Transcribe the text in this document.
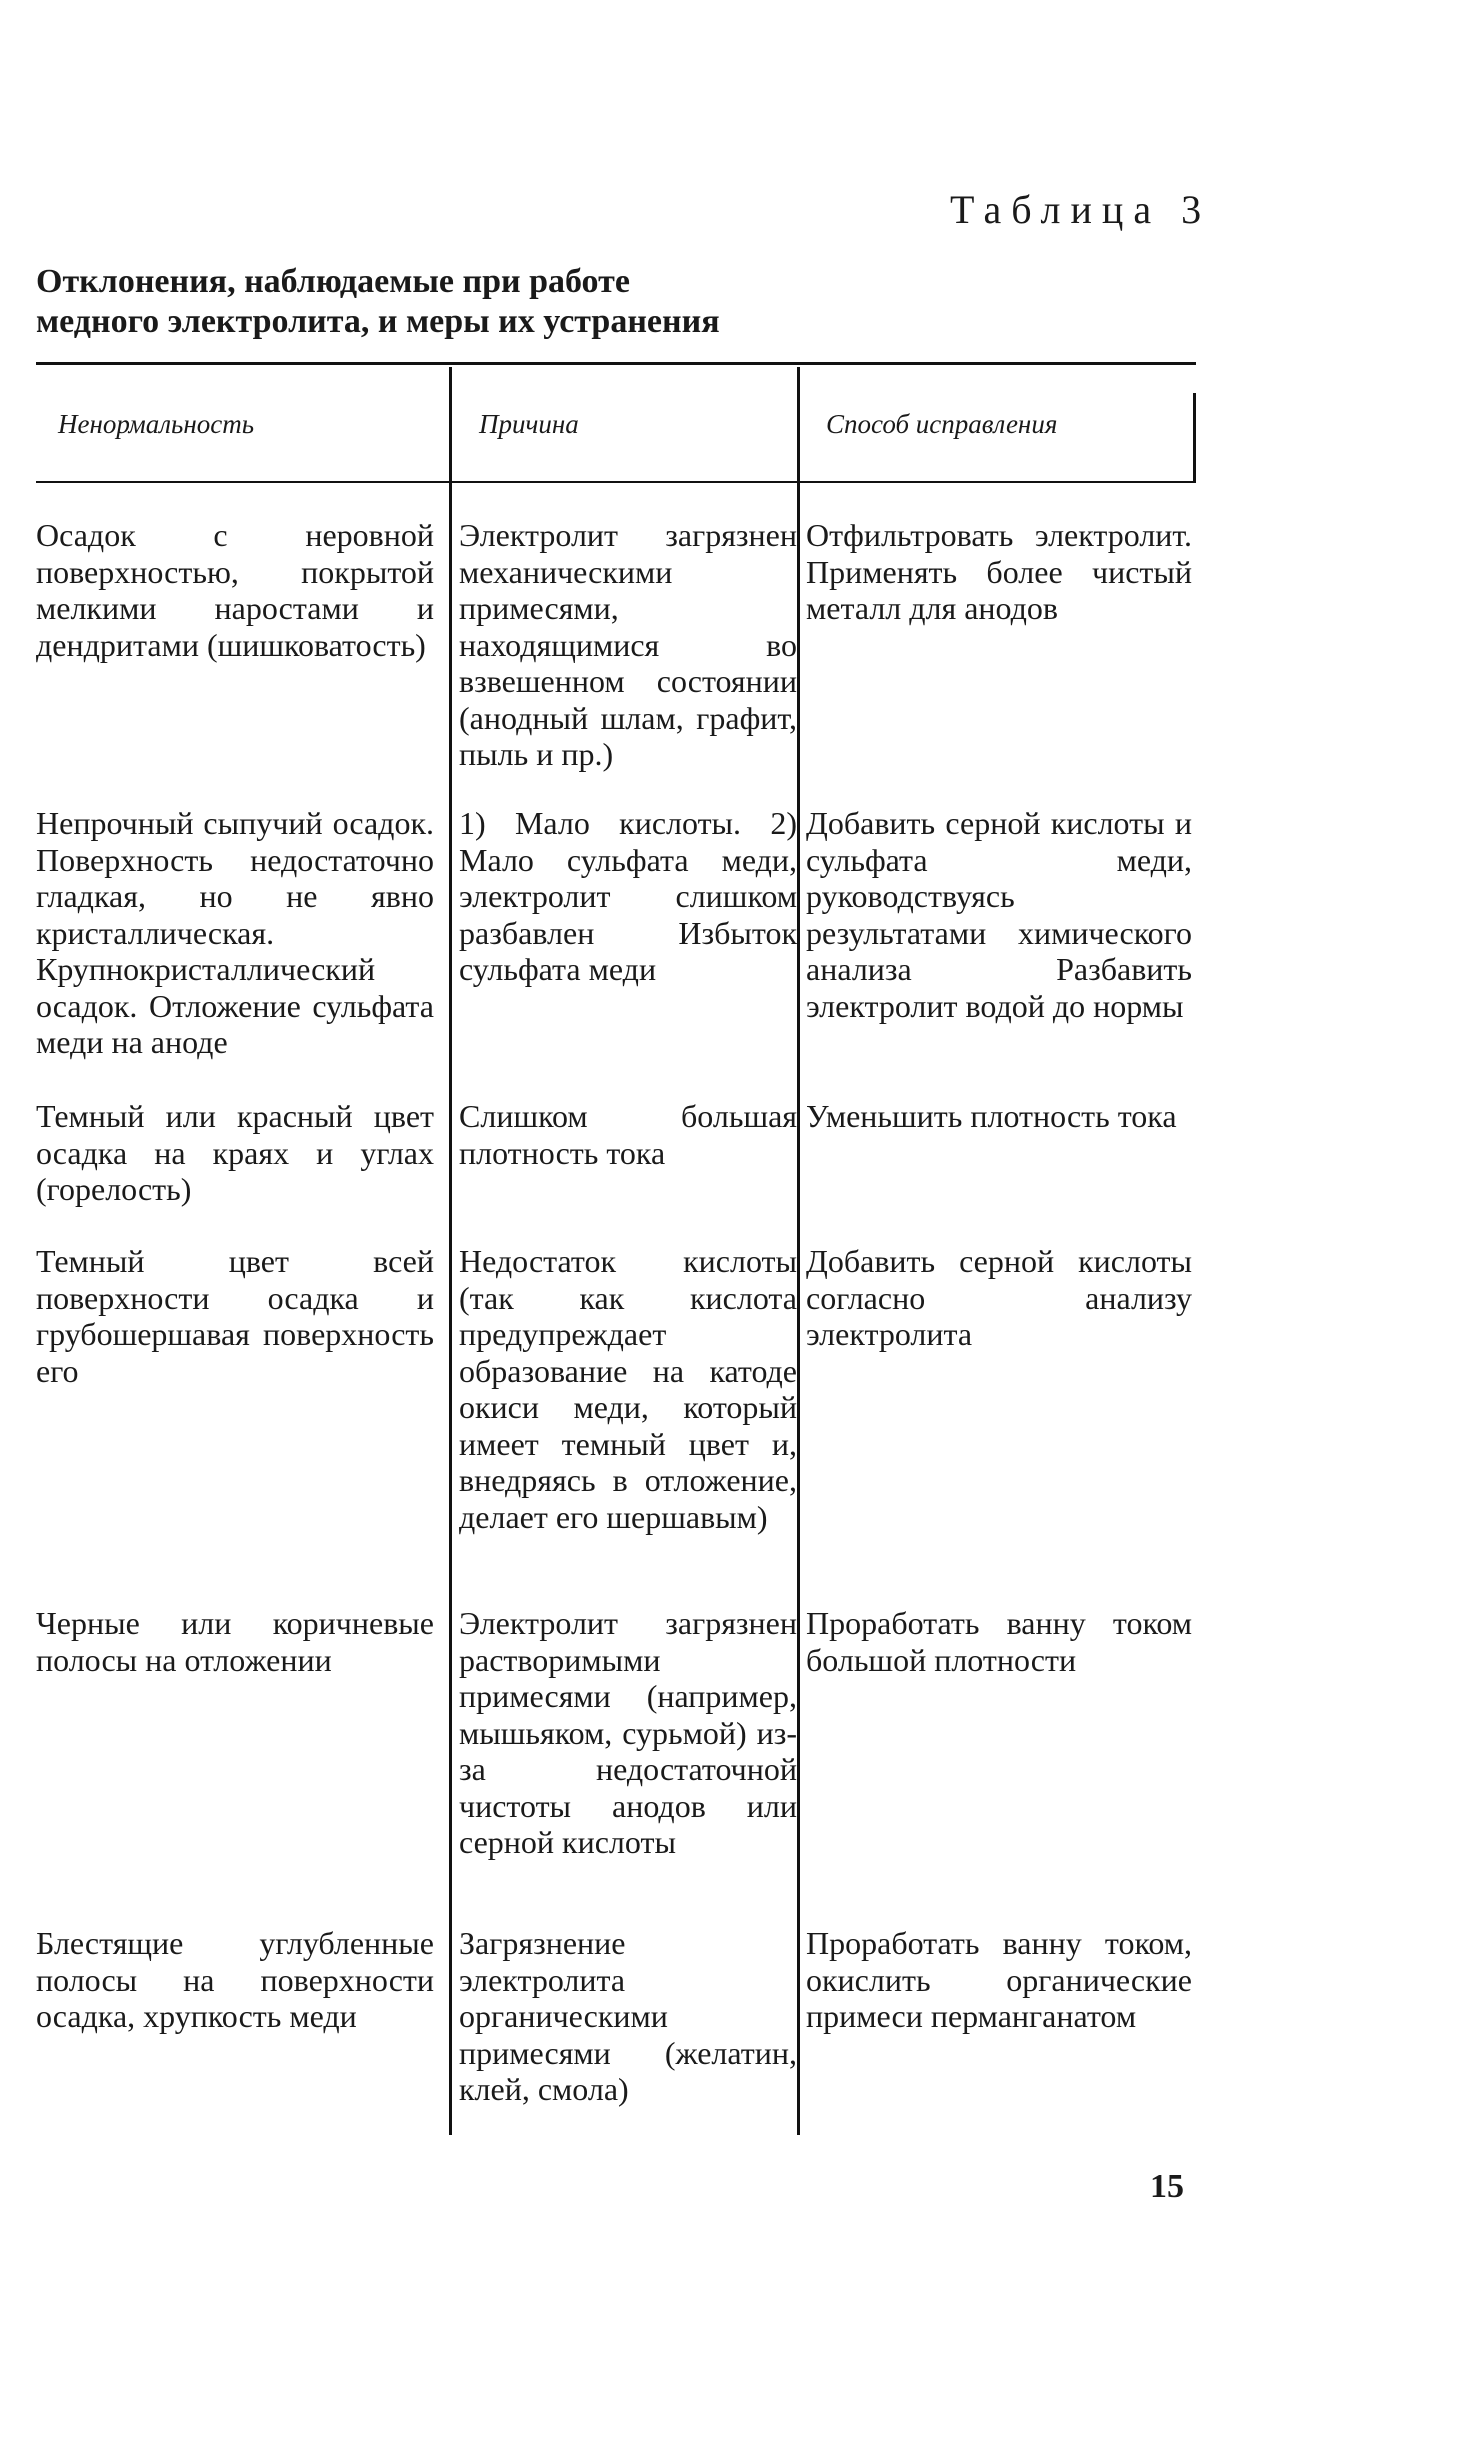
Таблица 3
Отклонения, наблюдаемые при работе
медного электролита, и меры их устранения
Ненормальность	Причина	Способ исправления
Осадок с неровной поверхностью, покрытой мелкими наростами и дендритами (шишковатость)
Электролит загрязнен механическими примесями, находящимися во взвешенном состоянии (анодный шлам, графит, пыль и пр.)
Отфильтровать электролит. Применять более чистый металл для анодов
Непрочный сыпучий осадок. Поверхность недостаточно гладкая, но не явно кристаллическая. Крупнокристаллический осадок. Отложение сульфата меди на аноде
1) Мало кислоты. 2) Мало сульфата меди, электролит слишком разбавлен Избыток сульфата меди
Добавить серной кислоты и сульфата меди, руководствуясь результатами химического анализа Разбавить электролит водой до нормы
Темный или красный цвет осадка на краях и углах (горелость)
Слишком большая плотность тока
Уменьшить плотность тока
Темный цвет всей поверхности осадка и грубошершавая поверхность его
Недостаток кислоты (так как кислота предупреждает образование на катоде окиси меди, который имеет темный цвет и, внедряясь в отложение, делает его шершавым)
Добавить серной кислоты согласно анализу электролита
Черные или коричневые полосы на отложении
Электролит загрязнен растворимыми примесями (например, мышьяком, сурьмой) из-за недостаточной чистоты анодов или серной кислоты
Проработать ванну током большой плотности
Блестящие углубленные полосы на поверхности осадка, хрупкость меди
Загрязнение электролита органическими примесями (желатин, клей, смола)
Проработать ванну током, окислить органические примеси перманганатом
15
